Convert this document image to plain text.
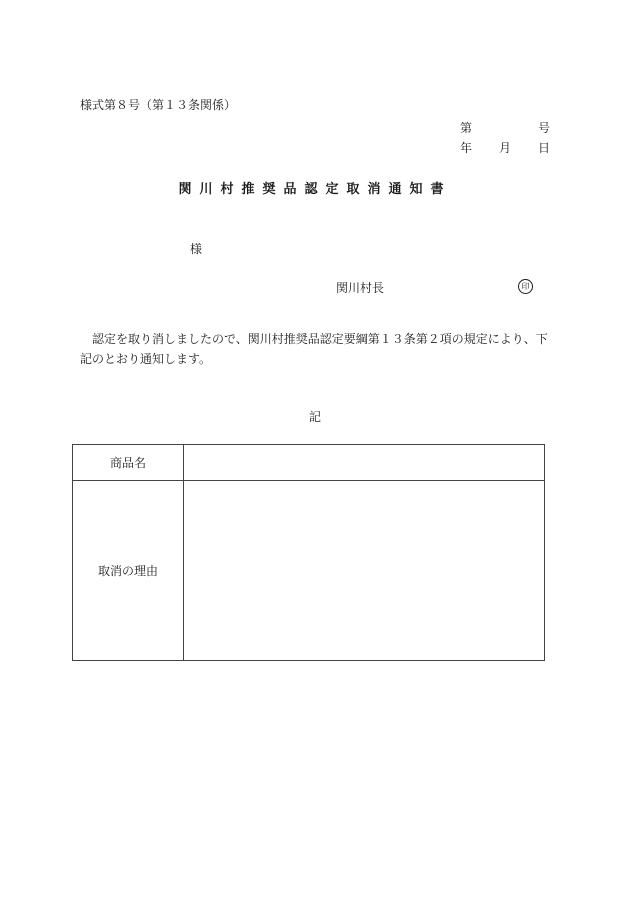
様式第８号（第１３条関係）
第	号
年 月 日
関川村推奨品認定取消通知書
様
関川村長	印
認定を取り消しましたので、関川村推奨品認定要綱第１３条第２項の規定により、下記のとおり通知します。
記
商品名	
取消の理由	
